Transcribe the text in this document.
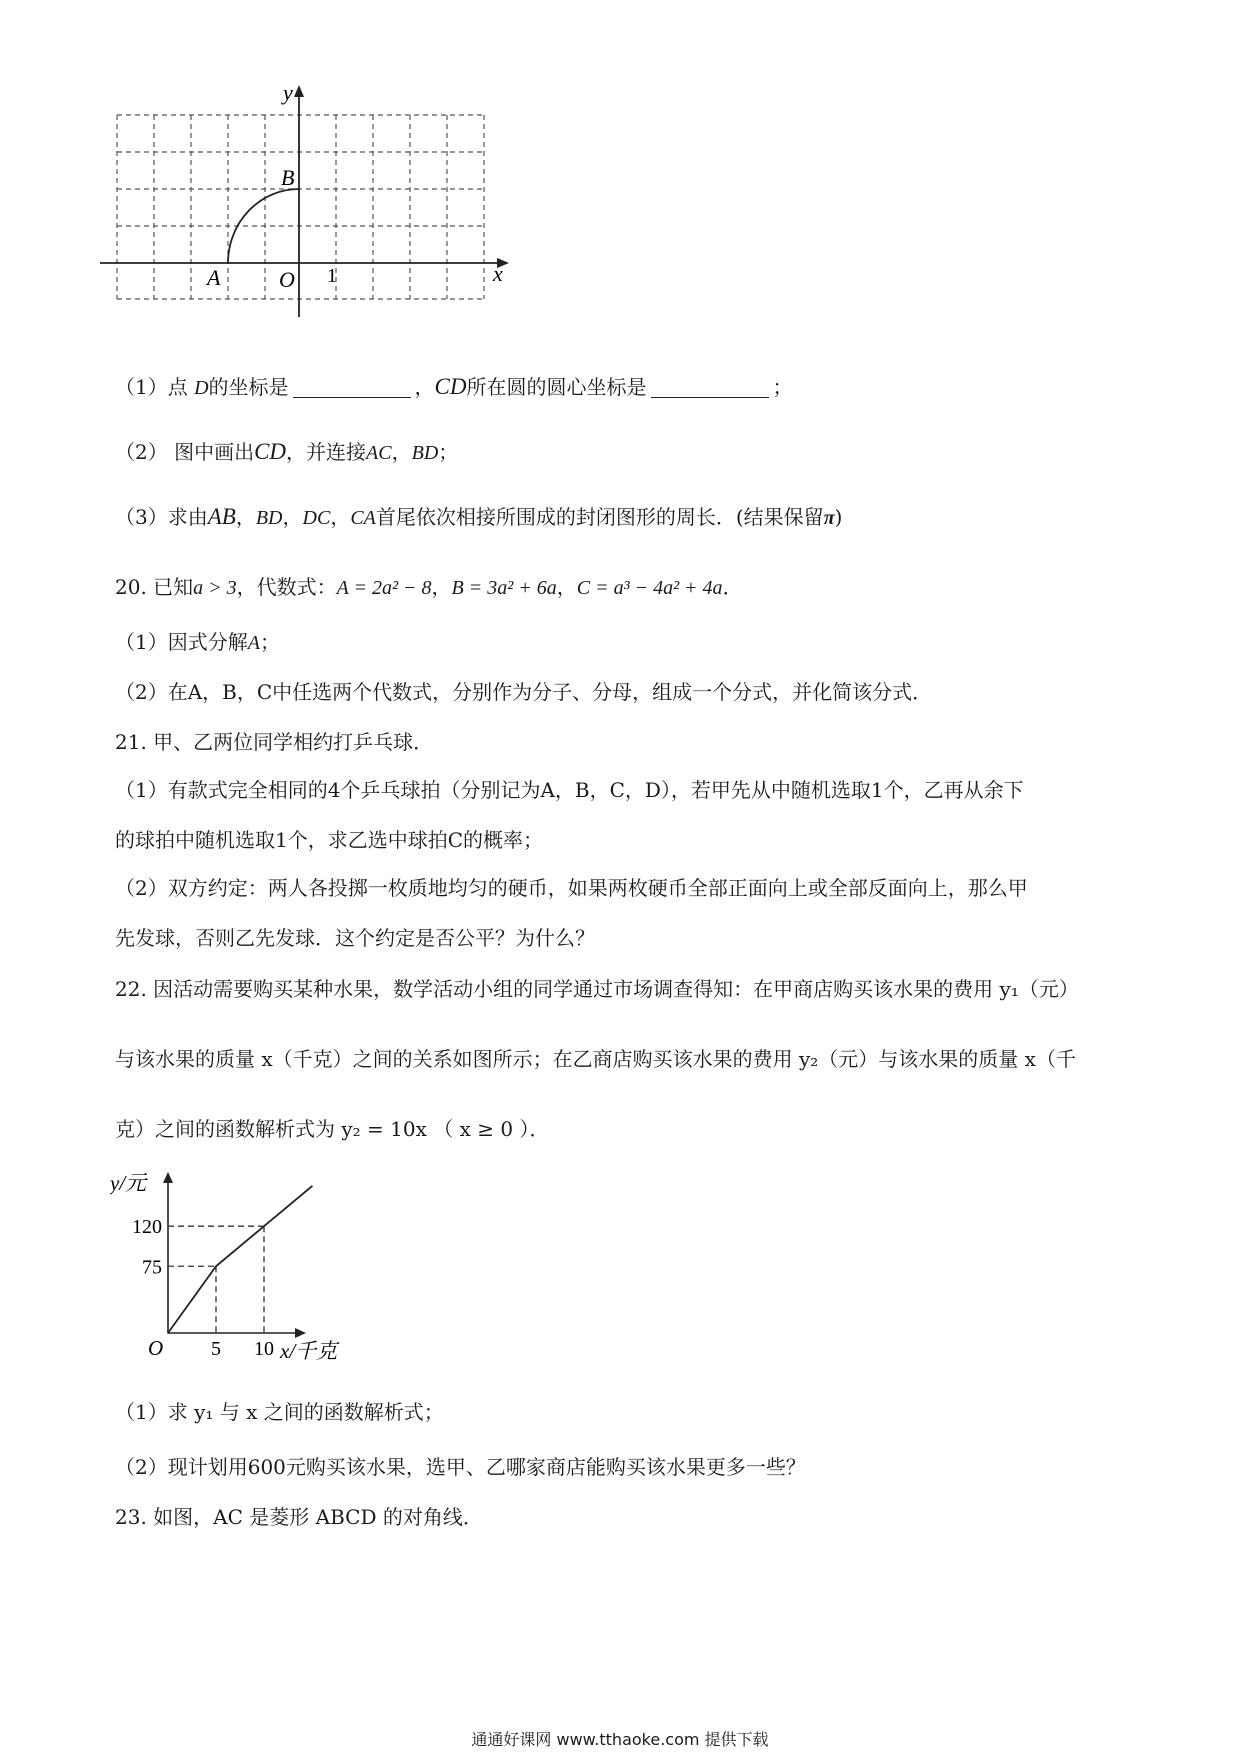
y
x
B
A	O 1
（1）点 D的坐标是	，CD所在圆的圆心坐标是	；
（2） 图中画出CD，并连接AC，BD；
（3）求由AB，BD，DC，CA首尾依次相接所围成的封闭图形的周长．(结果保留π)
20. 已知a > 3，代数式：A = 2a² − 8，B = 3a² + 6a，C = a³ − 4a² + 4a．
（1）因式分解A；
（2）在A，B，C中任选两个代数式，分别作为分子、分母，组成一个分式，并化简该分式．
21. 甲、乙两位同学相约打乒乓球．
（1）有款式完全相同的4个乒乓球拍（分别记为A，B，C，D），若甲先从中随机选取1个，乙再从余下
的球拍中随机选取1个，求乙选中球拍C的概率；
（2）双方约定：两人各投掷一枚质地均匀的硬币，如果两枚硬币全部正面向上或全部反面向上，那么甲
先发球，否则乙先发球．这个约定是否公平？为什么？
22. 因活动需要购买某种水果，数学活动小组的同学通过市场调查得知：在甲商店购买该水果的费用 y₁（元）
与该水果的质量 x（千克）之间的关系如图所示；在乙商店购买该水果的费用 y₂（元）与该水果的质量 x（千
克）之间的函数解析式为 y₂ = 10x （ x ≥ 0 ）．
y/元
x/千克
O 5 10
75
120
（1）求 y₁ 与 x 之间的函数解析式；
（2）现计划用600元购买该水果，选甲、乙哪家商店能购买该水果更多一些？
23. 如图，AC 是菱形 ABCD 的对角线．
通通好课网 www.tthaoke.com 提供下载
